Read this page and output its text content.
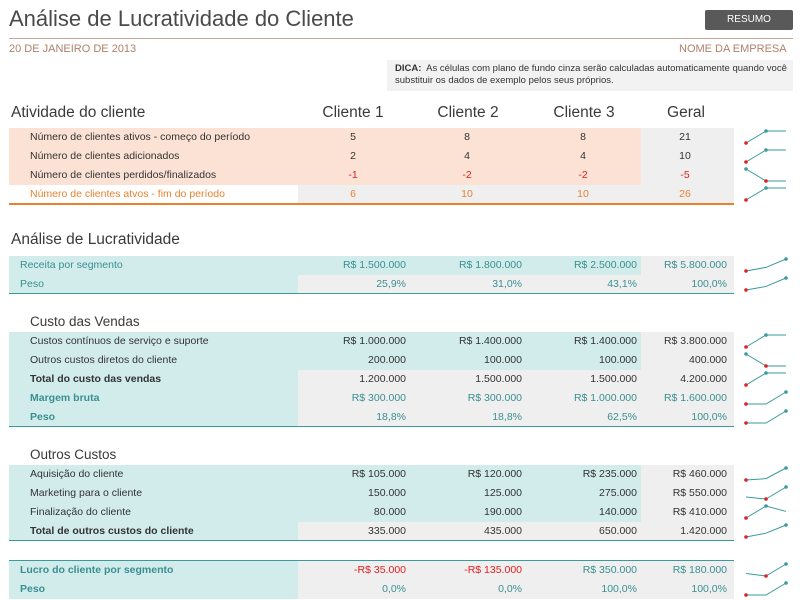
Análise de Lucratividade do Cliente	RESUMO
20 DE JANEIRO DE 2013	NOME DA EMPRESA
DICA: As células com plano de fundo cinza serão calculadas automaticamente quando você substituir os dados de exemplo pelos seus próprios.
Atividade do cliente	Cliente 1	Cliente 2	Cliente 3	Geral
Número de clientes ativos - começo do período	5	8	8	21
Número de clientes adicionados	2	4	4	10
Número de clientes perdidos/finalizados	-1	-2	-2	-5
Número de clientes atvos - fim do período	6	10	10	26
Análise de Lucratividade
Receita por segmento	R$ 1.500.000	R$ 1.800.000	R$ 2.500.000	R$ 5.800.000
Peso	25,9%	31,0%	43,1%	100,0%
Custo das Vendas
Custos contínuos de serviço e suporte	R$ 1.000.000	R$ 1.400.000	R$ 1.400.000	R$ 3.800.000
Outros custos diretos do cliente	200.000	100.000	100.000	400.000
Total do custo das vendas	1.200.000	1.500.000	1.500.000	4.200.000
Margem bruta	R$ 300.000	R$ 300.000	R$ 1.000.000	R$ 1.600.000
Peso	18,8%	18,8%	62,5%	100,0%
Outros Custos
Aquisição do cliente	R$ 105.000	R$ 120.000	R$ 235.000	R$ 460.000
Marketing para o cliente	150.000	125.000	275.000	R$ 550.000
Finalização do cliente	80.000	190.000	140.000	R$ 410.000
Total de outros custos do cliente	335.000	435.000	650.000	1.420.000
Lucro do cliente por segmento	-R$ 35.000	-R$ 135.000	R$ 350.000	R$ 180.000
Peso	0,0%	0,0%	100,0%	100,0%
